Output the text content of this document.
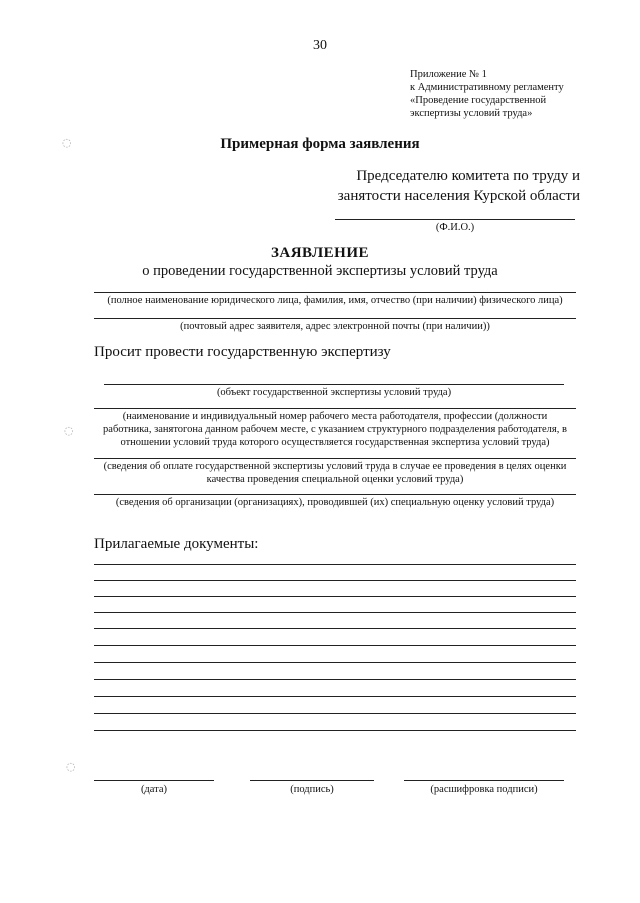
30
Приложение № 1
к Административному регламенту
«Проведение государственной
экспертизы условий труда»
Примерная форма заявления
Председателю комитета по труду и
занятости населения Курской области
(Ф.И.О.)
ЗАЯВЛЕНИЕ
о проведении государственной экспертизы условий труда
(полное наименование юридического лица, фамилия, имя, отчество (при наличии) физического лица)
(почтовый адрес заявителя, адрес электронной почты (при наличии))
Просит провести государственную экспертизу
(объект государственной экспертизы условий труда)
(наименование и индивидуальный номер рабочего места работодателя, профессии (должности
работника, занятогона данном рабочем месте, с указанием структурного подразделения работодателя, в
отношении условий труда которого осуществляется государственная экспертиза условий труда)
(сведения об оплате государственной экспертизы условий труда в случае ее проведения в целях оценки
качества проведения специальной оценки условий труда)
(сведения об организации (организациях), проводившей (их) специальную оценку условий труда)
Прилагаемые документы:
(дата)	(подпись)	(расшифровка подписи)
◌
◌
◌
